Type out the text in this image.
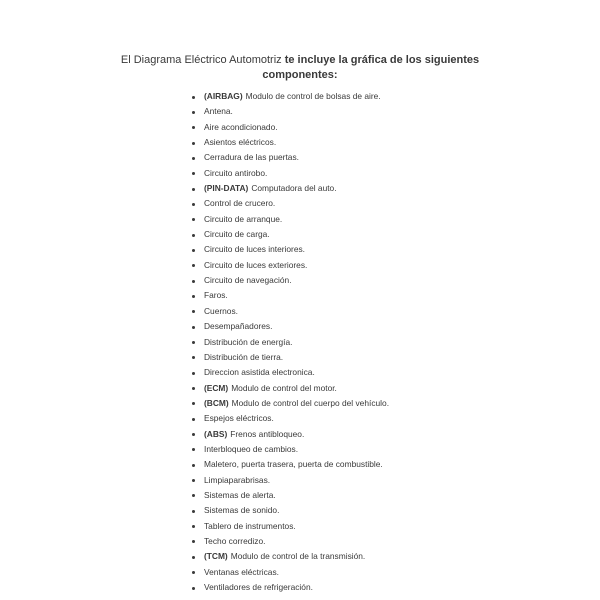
El Diagrama Eléctrico Automotriz te incluye la gráfica de los siguientes componentes:

(AIRBAG) Modulo de control de bolsas de aire.
Antena.
Aire acondicionado.
Asientos eléctricos.
Cerradura de las puertas.
Circuito antirobo.
(PIN-DATA) Computadora del auto.
Control de crucero.
Circuito de arranque.
Circuito de carga.
Circuito de luces interiores.
Circuito de luces exteriores.
Circuito de navegación.
Faros.
Cuernos.
Desempañadores.
Distribución de energía.
Distribución de tierra.
Direccion asistida electronica.
(ECM) Modulo de control del motor.
(BCM) Modulo de control del cuerpo del vehículo.
Espejos eléctricos.
(ABS) Frenos antibloqueo.
Interbloqueo de cambios.
Maletero, puerta trasera, puerta de combustible.
Limpiaparabrisas.
Sistemas de alerta.
Sistemas de sonido.
Tablero de instrumentos.
Techo corredizo.
(TCM) Modulo de control de la transmisión.
Ventanas eléctricas.
Ventiladores de refrigeración.
